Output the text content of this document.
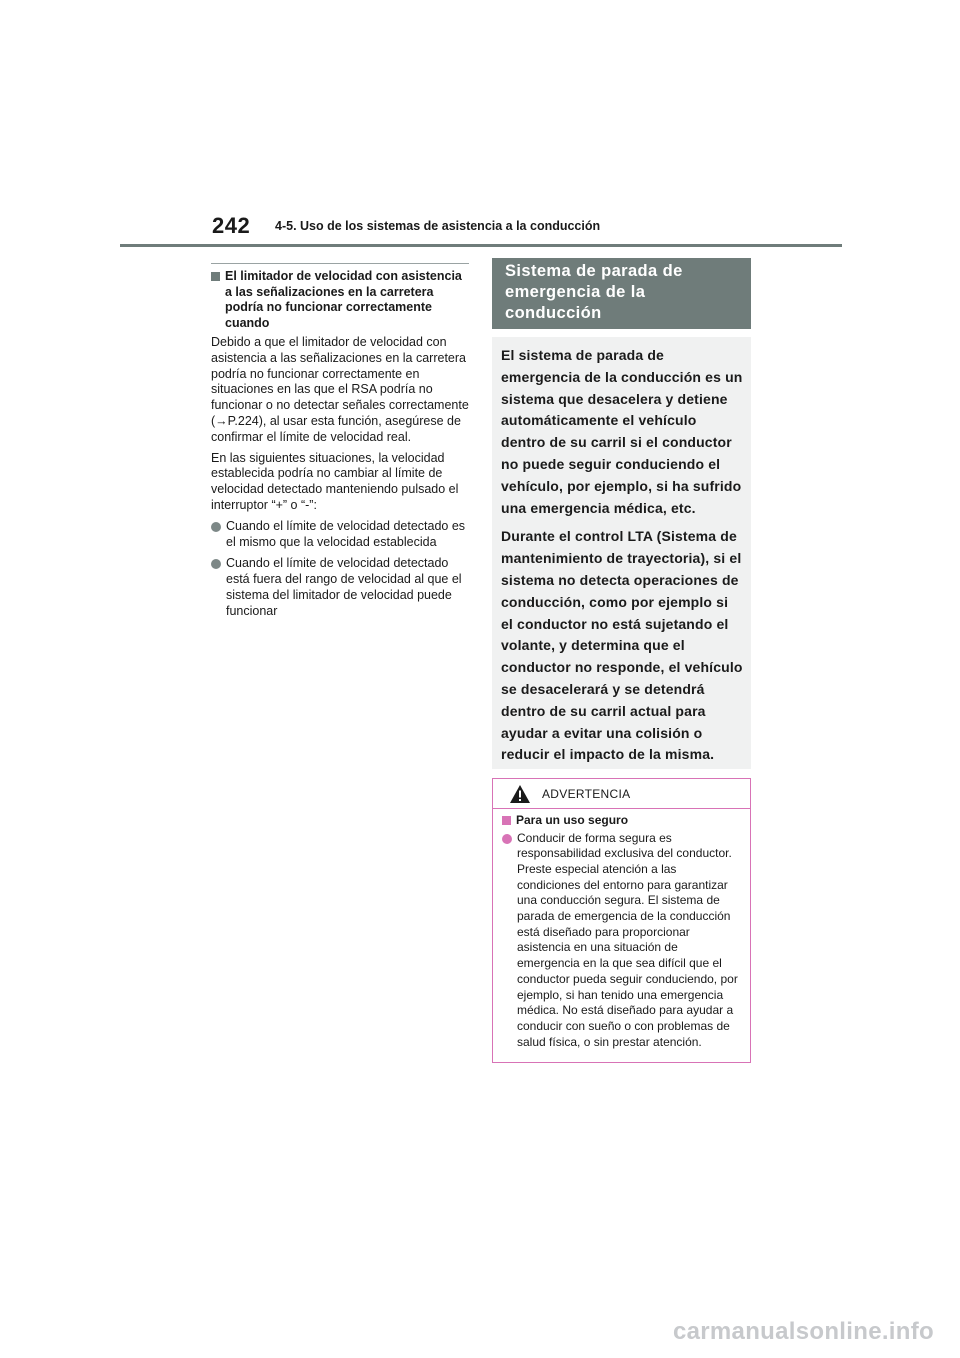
242 4-5. Uso de los sistemas de asistencia a la conducción
El limitador de velocidad con asistencia a las señalizaciones en la carretera podría no funcionar correctamente cuando

Debido a que el limitador de velocidad con asistencia a las señalizaciones en la carretera podría no funcionar correctamente en situaciones en las que el RSA podría no funcionar o no detectar señales correctamente (→P.224), al usar esta función, asegúrese de confirmar el límite de velocidad real.

En las siguientes situaciones, la velocidad establecida podría no cambiar al límite de velocidad detectado manteniendo pulsado el interruptor “+” o “-”:

Cuando el límite de velocidad detectado es el mismo que la velocidad establecida
Cuando el límite de velocidad detectado está fuera del rango de velocidad al que el sistema del limitador de velocidad puede funcionar
Sistema de parada de emergencia de la conducción

El sistema de parada de emergencia de la conducción es un sistema que desacelera y detiene automáticamente el vehículo dentro de su carril si el conductor no puede seguir conduciendo el vehículo, por ejemplo, si ha sufrido una emergencia médica, etc.

Durante el control LTA (Sistema de mantenimiento de trayectoria), si el sistema no detecta operaciones de conducción, como por ejemplo si el conductor no está sujetando el volante, y determina que el conductor no responde, el vehículo se desacelerará y se detendrá dentro de su carril actual para ayudar a evitar una colisión o reducir el impacto de la misma.

ADVERTENCIA
Para un uso seguro
Conducir de forma segura es responsabilidad exclusiva del conductor. Preste especial atención a las condiciones del entorno para garantizar una conducción segura. El sistema de parada de emergencia de la conducción está diseñado para proporcionar asistencia en una situación de emergencia en la que sea difícil que el conductor pueda seguir conduciendo, por ejemplo, si han tenido una emergencia médica. No está diseñado para ayudar a conducir con sueño o con problemas de salud física, o sin prestar atención.
carmanualsonline.info
